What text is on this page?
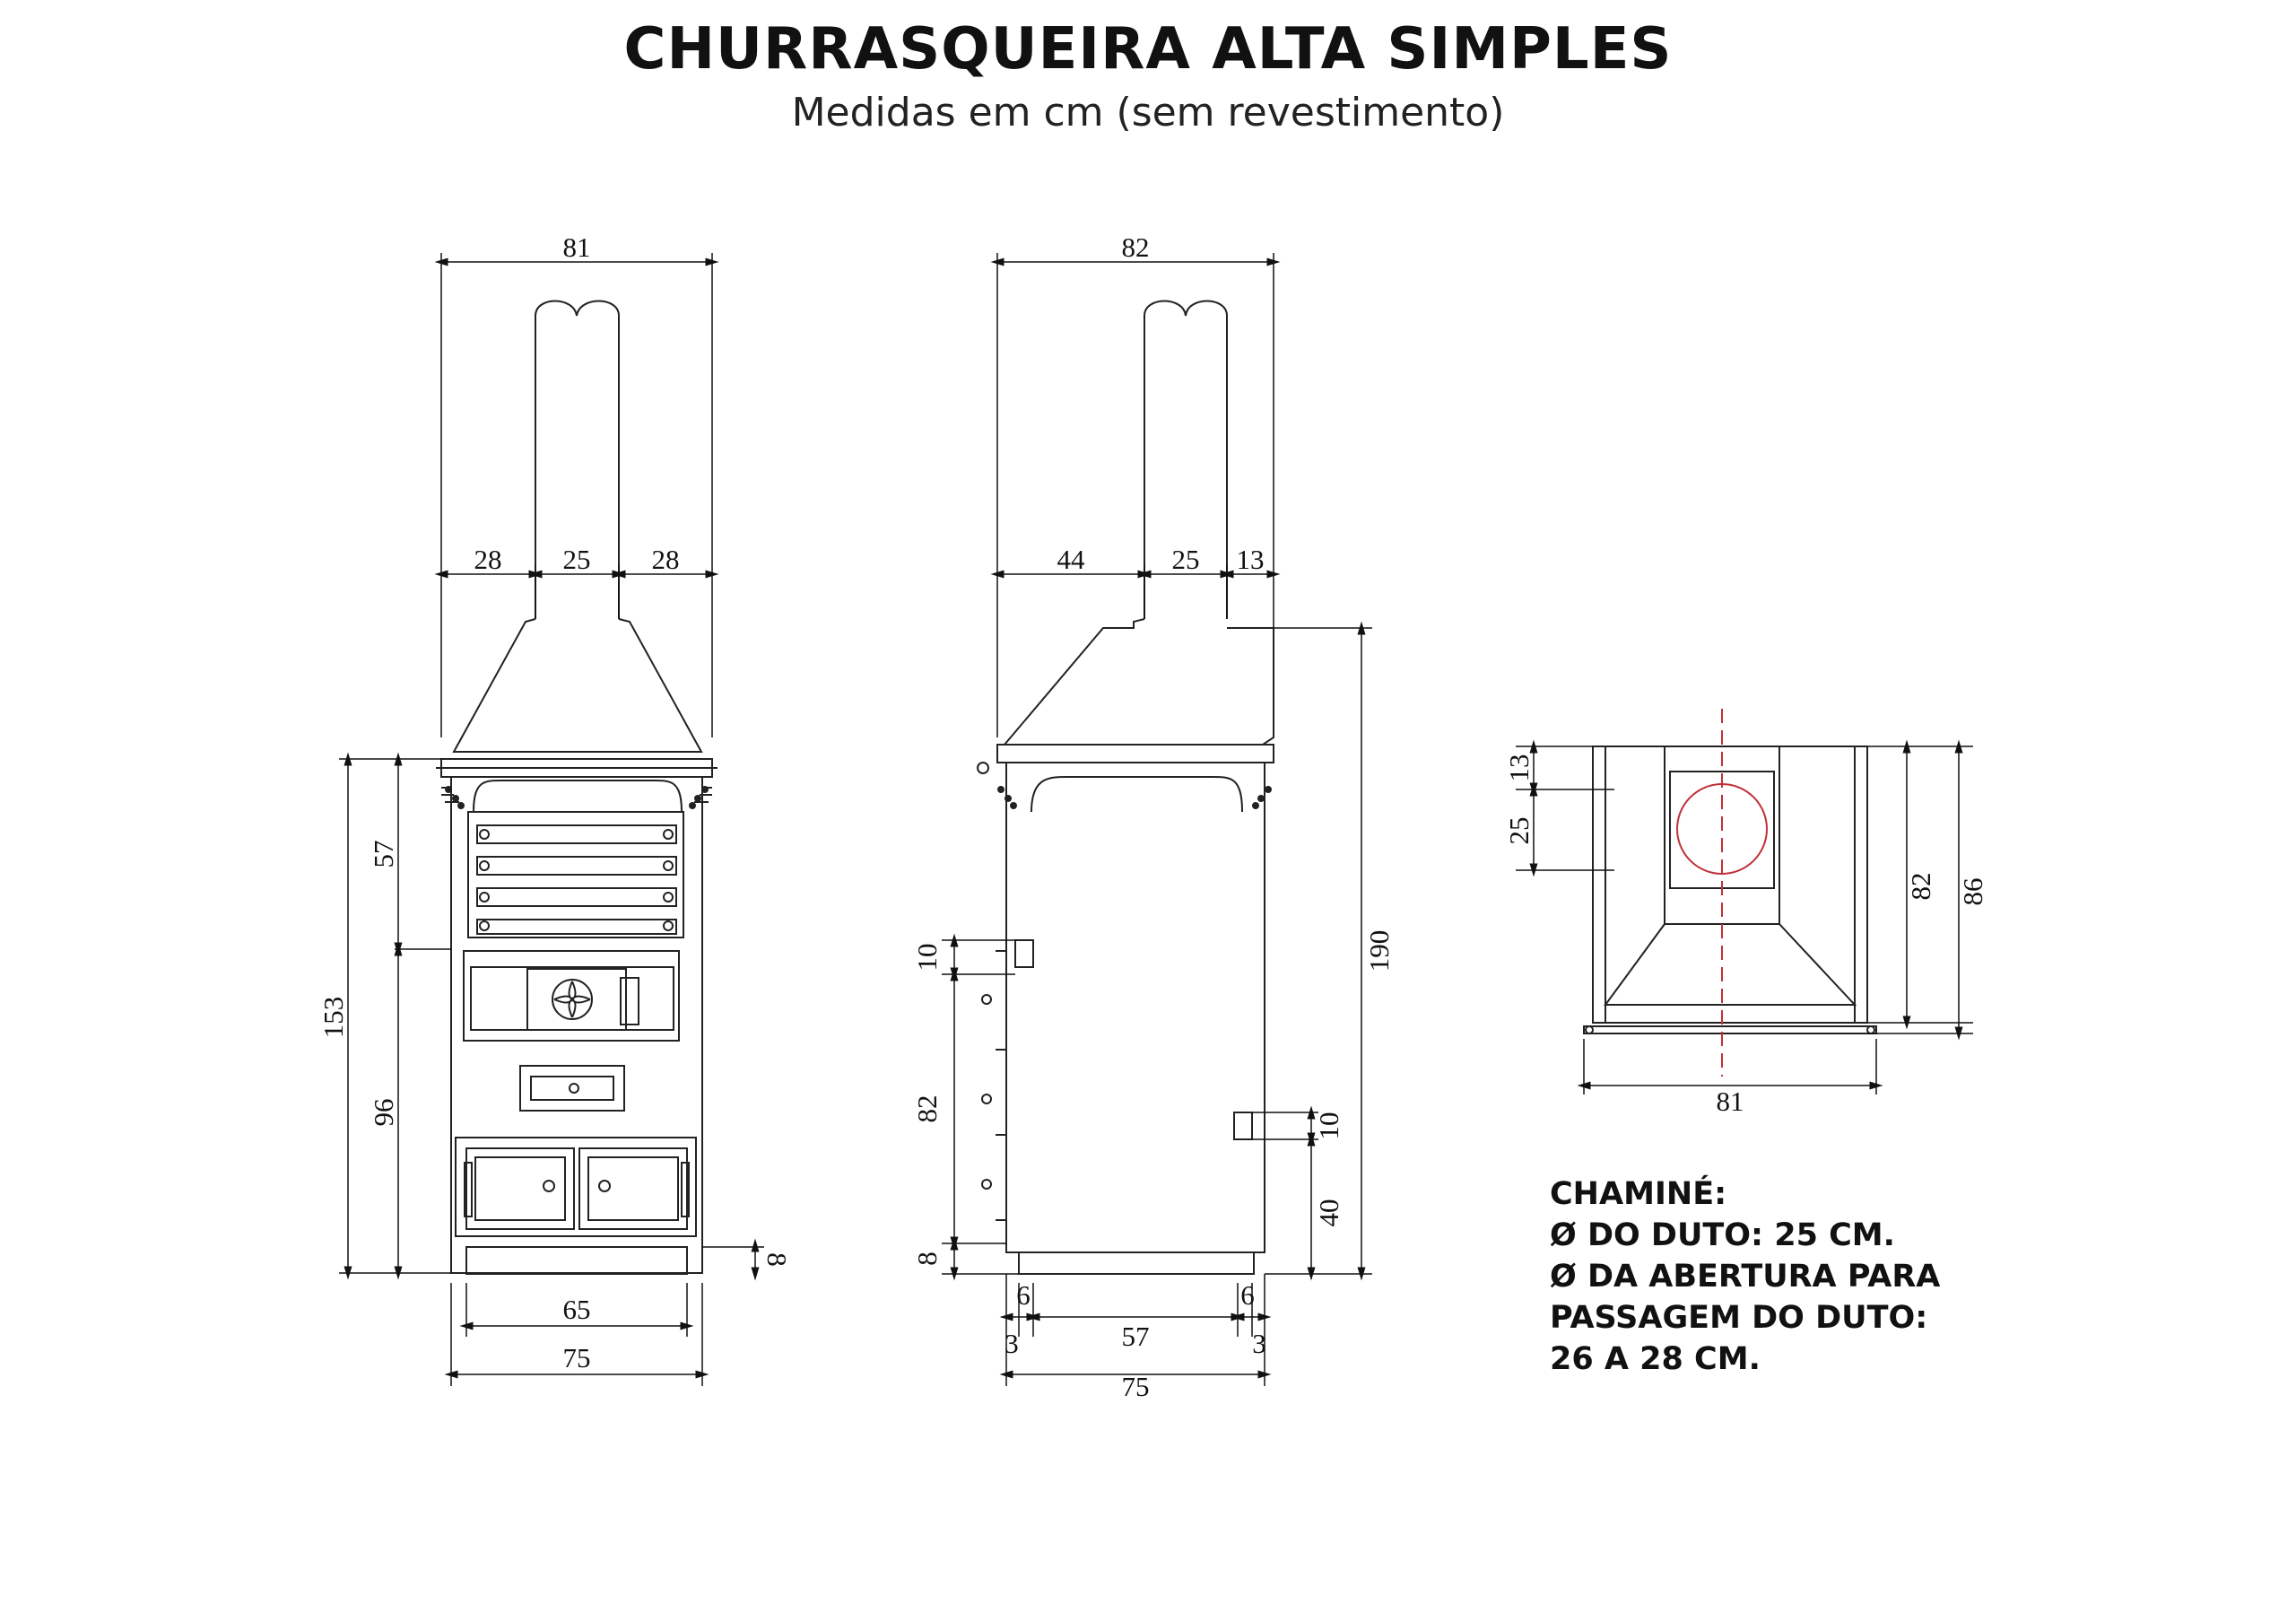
CHURRASQUEIRA ALTA SIMPLES
Medidas em cm (sem revestimento)
81
28 25 28
153
57
96
8
65
75
82
44	25 13
190
10
82
8
10
40
6	6
3	3
57
75
13
25
82 86
81
CHAMINÉ:
Ø DO DUTO: 25 CM.
Ø DA ABERTURA PARA
PASSAGEM DO DUTO:
26 A 28 CM.
